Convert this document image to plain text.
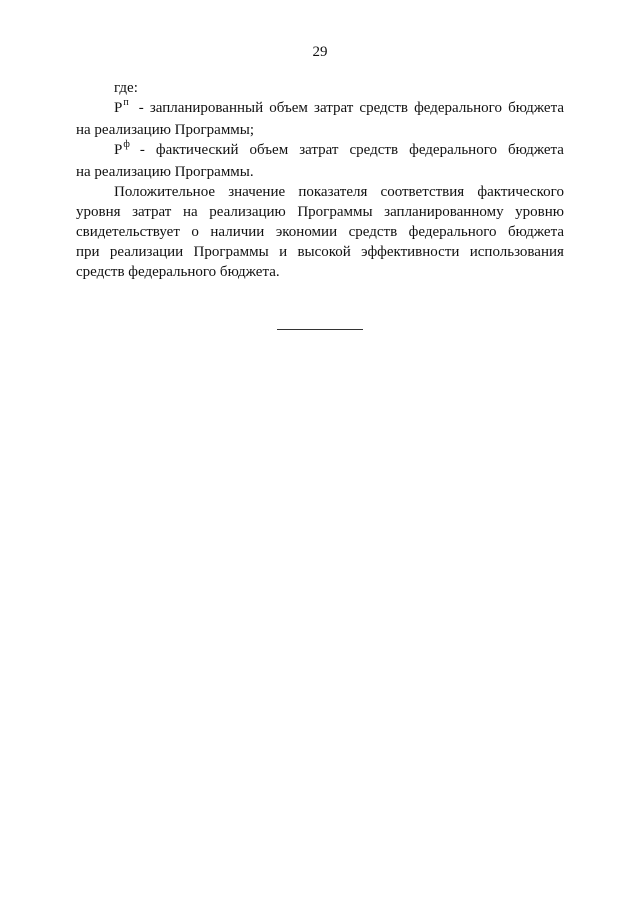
29
где:
$P^п$ - запланированный объем затрат средств федерального бюджета
на реализацию Программы;
$P^ф$ - фактический объем затрат средств федерального бюджета
на реализацию Программы.
Положительное значение показателя соответствия фактического
уровня затрат на реализацию Программы запланированному уровню
свидетельствует о наличии экономии средств федерального бюджета
при реализации Программы и высокой эффективности использования
средств федерального бюджета.
